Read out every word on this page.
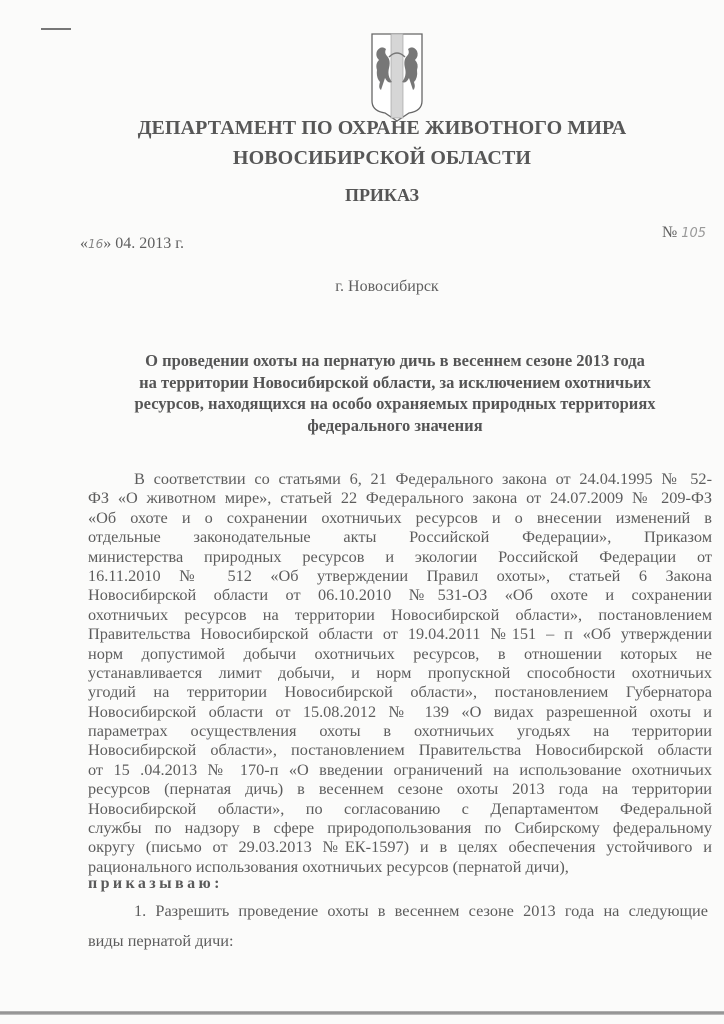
ДЕПАРТАМЕНТ ПО ОХРАНЕ ЖИВОТНОГО МИРА
НОВОСИБИРСКОЙ ОБЛАСТИ
ПРИКАЗ
«16» 04. 2013 г.
№ 105
г. Новосибирск
О проведении охоты на пернатую дичь в весеннем сезоне 2013 года
на территории Новосибирской области, за исключением охотничьих
ресурсов, находящихся на особо охраняемых природных территориях
федерального значения
В соответствии со статьями 6, 21 Федерального закона от 24.04.1995 № 52-
ФЗ «О животном мире», статьей 22 Федерального закона от 24.07.2009 № 209-ФЗ
«Об охоте и о сохранении охотничьих ресурсов и о внесении изменений в
отдельные законодательные акты Российской Федерации», Приказом
министерства природных ресурсов и экологии Российской Федерации от
16.11.2010 № 512 «Об утверждении Правил охоты», статьей 6 Закона
Новосибирской области от 06.10.2010 №531-ОЗ «Об охоте и сохранении
охотничьих ресурсов на территории Новосибирской области», постановлением
Правительства Новосибирской области от 19.04.2011 №151 – п «Об утверждении
норм допустимой добычи охотничьих ресурсов, в отношении которых не
устанавливается лимит добычи, и норм пропускной способности охотничьих
угодий на территории Новосибирской области», постановлением Губернатора
Новосибирской области от 15.08.2012 № 139 «О видах разрешенной охоты и
параметрах осуществления охоты в охотничьих угодьях на территории
Новосибирской области», постановлением Правительства Новосибирской области
от 15 .04.2013 № 170-п «О введении ограничений на использование охотничьих
ресурсов (пернатая дичь) в весеннем сезоне охоты 2013 года на территории
Новосибирской области», по согласованию с Департаментом Федеральной
службы по надзору в сфере природопользования по Сибирскому федеральному
округу (письмо от 29.03.2013 №ЕК-1597) и в целях обеспечения устойчивого и
рационального использования охотничьих ресурсов (пернатой дичи),
приказываю:
1. Разрешить проведение охоты в весеннем сезоне 2013 года на следующие
виды пернатой дичи:
